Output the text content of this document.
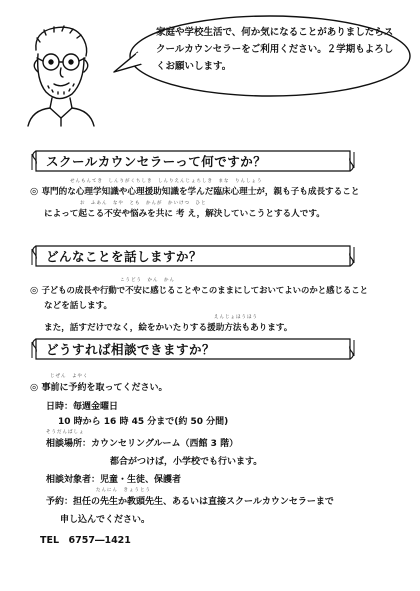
家庭や学校生活で、何か気になることがありましたらスクールカウンセラーをご利用ください。２学期もよろしくお願いします。
スクールカウンセラーって何ですか？
せんもんてき　しんりがくちしき　しんりえんじょちしき　まな　りんしょう
◎ 専門的な心理学知識や心理援助知識を学んだ臨床心理士が，親も子も成長すること
お　ふあん　なや　とも　かんが　かいけつ　ひと
によって起こる不安や悩みを共に 考 え，解決していこうとする人です。
どんなことを話しますか？
こうどう　かん　かん
◎ 子どもの成長や行動で不安に感じることやこのままにしておいてよいのかと感じること
などを話します。
えんじょほうほう
また，話すだけでなく，絵をかいたりする援助方法もあります。
どうすれば相談できますか？
じぜん　よやく
◎ 事前に予約を取ってください。
日時：毎週金曜日
10 時から 16 時 45 分まで(約 50 分間)
そうだんばしょ
相談場所：カウンセリングルーム（西館 3 階）
都合がつけば，小学校でも行います。
相談対象者：児童・生徒、保護者
たんにん　きょうとう
予約：担任の先生か教頭先生、あるいは直接スクールカウンセラーまで
申し込んでください。
TEL　6757―1421
